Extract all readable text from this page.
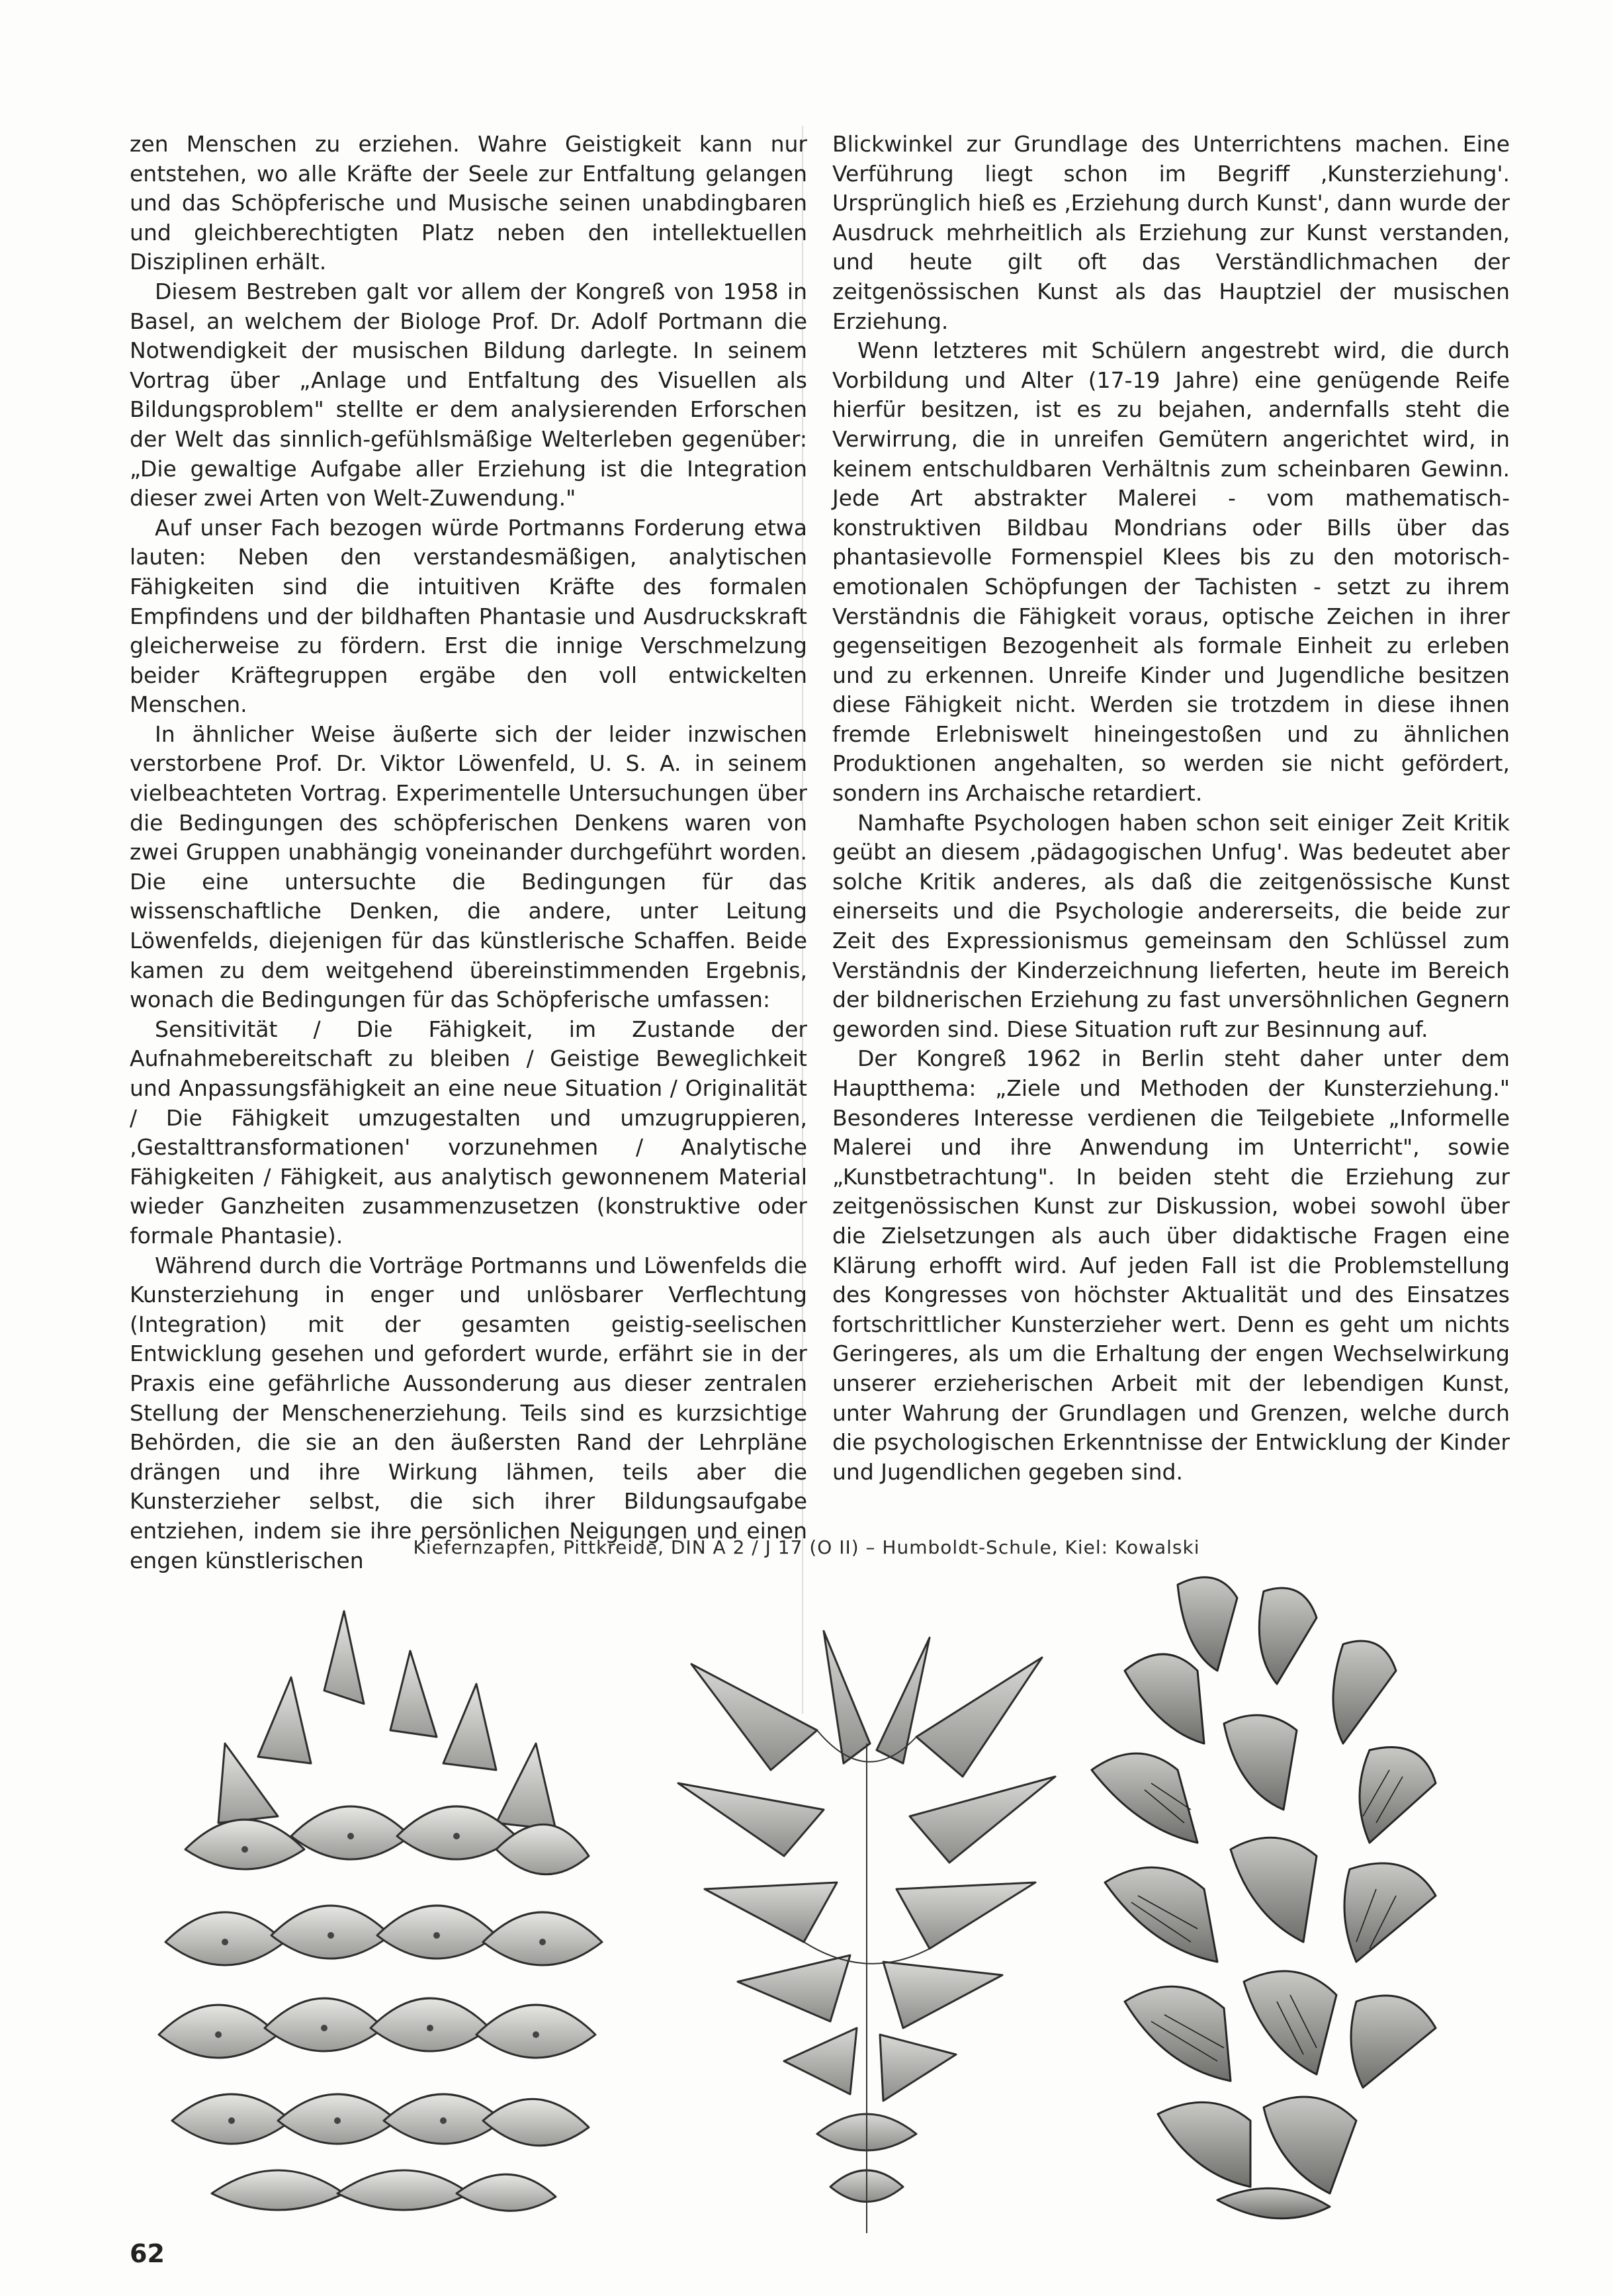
zen Menschen zu erziehen. Wahre Geistigkeit kann nur entstehen, wo alle Kräfte der Seele zur Entfaltung gelangen und das Schöpferische und Musische seinen unabdingbaren und gleichberechtigten Platz neben den intellektuellen Disziplinen erhält.

Diesem Bestreben galt vor allem der Kongreß von 1958 in Basel, an welchem der Biologe Prof. Dr. Adolf Portmann die Notwendigkeit der musischen Bildung darlegte. In seinem Vortrag über „Anlage und Entfaltung des Visuellen als Bildungsproblem" stellte er dem analysierenden Erforschen der Welt das sinnlich-gefühlsmäßige Welterleben gegenüber: „Die gewaltige Aufgabe aller Erziehung ist die Integration dieser zwei Arten von Welt-Zuwendung."

Auf unser Fach bezogen würde Portmanns Forderung etwa lauten: Neben den verstandesmäßigen, analytischen Fähigkeiten sind die intuitiven Kräfte des formalen Empfindens und der bildhaften Phantasie und Ausdruckskraft gleicherweise zu fördern. Erst die innige Verschmelzung beider Kräftegruppen ergäbe den voll entwickelten Menschen.

In ähnlicher Weise äußerte sich der leider inzwischen verstorbene Prof. Dr. Viktor Löwenfeld, U. S. A. in seinem vielbeachteten Vortrag. Experimentelle Untersuchungen über die Bedingungen des schöpferischen Denkens waren von zwei Gruppen unabhängig voneinander durchgeführt worden. Die eine untersuchte die Bedingungen für das wissenschaftliche Denken, die andere, unter Leitung Löwenfelds, diejenigen für das künstlerische Schaffen. Beide kamen zu dem weitgehend übereinstimmenden Ergebnis, wonach die Bedingungen für das Schöpferische umfassen:

Sensitivität / Die Fähigkeit, im Zustande der Aufnahmebereitschaft zu bleiben / Geistige Beweglichkeit und Anpassungsfähigkeit an eine neue Situation / Originalität / Die Fähigkeit umzugestalten und umzugruppieren, ‚Gestalttransformationen' vorzunehmen / Analytische Fähigkeiten / Fähigkeit, aus analytisch gewonnenem Material wieder Ganzheiten zusammenzusetzen (konstruktive oder formale Phantasie).

Während durch die Vorträge Portmanns und Löwenfelds die Kunsterziehung in enger und unlösbarer Verflechtung (Integration) mit der gesamten geistig-seelischen Entwicklung gesehen und gefordert wurde, erfährt sie in der Praxis eine gefährliche Aussonderung aus dieser zentralen Stellung der Menschenerziehung. Teils sind es kurzsichtige Behörden, die sie an den äußersten Rand der Lehrpläne drängen und ihre Wirkung lähmen, teils aber die Kunsterzieher selbst, die sich ihrer Bildungsaufgabe entziehen, indem sie ihre persönlichen Neigungen und einen engen künstlerischen

Blickwinkel zur Grundlage des Unterrichtens machen. Eine Verführung liegt schon im Begriff ‚Kunsterziehung'. Ursprünglich hieß es ‚Erziehung durch Kunst', dann wurde der Ausdruck mehrheitlich als Erziehung zur Kunst verstanden, und heute gilt oft das Verständlichmachen der zeitgenössischen Kunst als das Hauptziel der musischen Erziehung.

Wenn letzteres mit Schülern angestrebt wird, die durch Vorbildung und Alter (17-19 Jahre) eine genügende Reife hierfür besitzen, ist es zu bejahen, andernfalls steht die Verwirrung, die in unreifen Gemütern angerichtet wird, in keinem entschuldbaren Verhältnis zum scheinbaren Gewinn. Jede Art abstrakter Malerei - vom mathematisch-konstruktiven Bildbau Mondrians oder Bills über das phantasievolle Formenspiel Klees bis zu den motorisch-emotionalen Schöpfungen der Tachisten - setzt zu ihrem Verständnis die Fähigkeit voraus, optische Zeichen in ihrer gegenseitigen Bezogenheit als formale Einheit zu erleben und zu erkennen. Unreife Kinder und Jugendliche besitzen diese Fähigkeit nicht. Werden sie trotzdem in diese ihnen fremde Erlebniswelt hineingestoßen und zu ähnlichen Produktionen angehalten, so werden sie nicht gefördert, sondern ins Archaische retardiert.

Namhafte Psychologen haben schon seit einiger Zeit Kritik geübt an diesem ‚pädagogischen Unfug'. Was bedeutet aber solche Kritik anderes, als daß die zeitgenössische Kunst einerseits und die Psychologie andererseits, die beide zur Zeit des Expressionismus gemeinsam den Schlüssel zum Verständnis der Kinderzeichnung lieferten, heute im Bereich der bildnerischen Erziehung zu fast unversöhnlichen Gegnern geworden sind. Diese Situation ruft zur Besinnung auf.

Der Kongreß 1962 in Berlin steht daher unter dem Hauptthema: „Ziele und Methoden der Kunsterziehung." Besonderes Interesse verdienen die Teilgebiete „Informelle Malerei und ihre Anwendung im Unterricht", sowie „Kunstbetrachtung". In beiden steht die Erziehung zur zeitgenössischen Kunst zur Diskussion, wobei sowohl über die Zielsetzungen als auch über didaktische Fragen eine Klärung erhofft wird. Auf jeden Fall ist die Problemstellung des Kongresses von höchster Aktualität und des Einsatzes fortschrittlicher Kunsterzieher wert. Denn es geht um nichts Geringeres, als um die Erhaltung der engen Wechselwirkung unserer erzieherischen Arbeit mit der lebendigen Kunst, unter Wahrung der Grundlagen und Grenzen, welche durch die psychologischen Erkenntnisse der Entwicklung der Kinder und Jugendlichen gegeben sind.

Kiefernzapfen, Pittkreide, DIN A 2 / J 17 (O II) – Humboldt-Schule, Kiel: Kowalski
62
